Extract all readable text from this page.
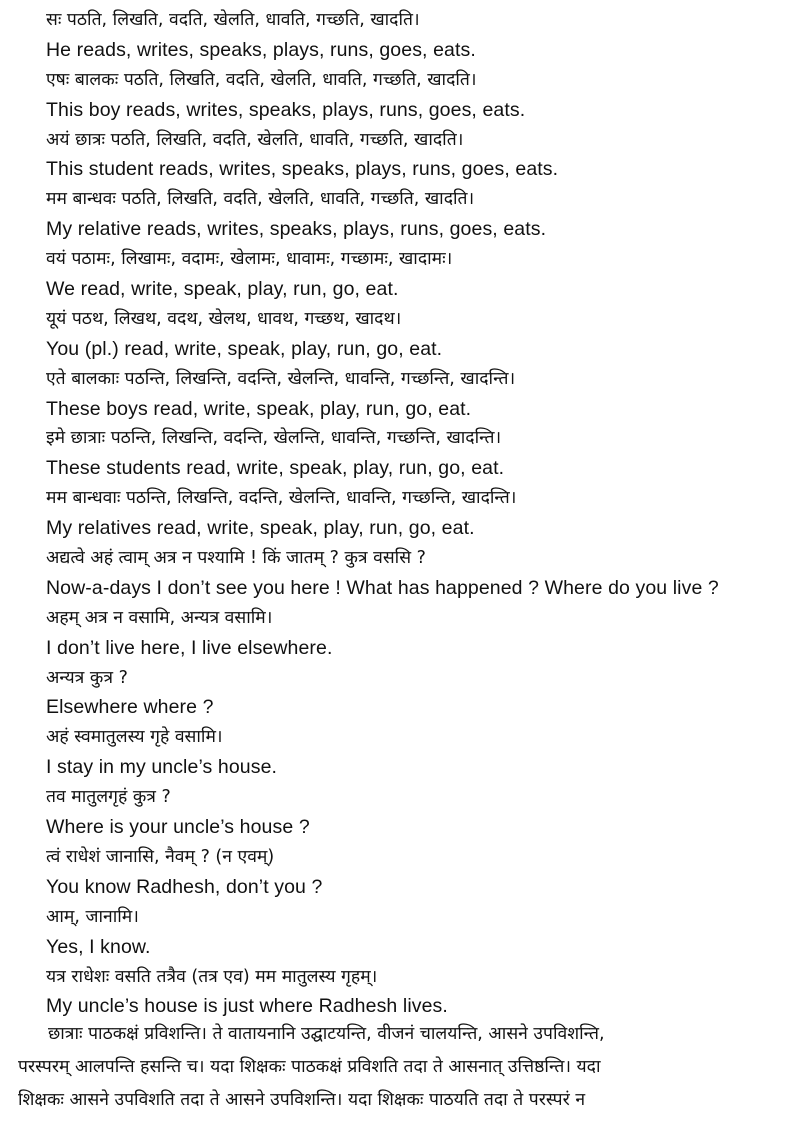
सः पठति, लिखति, वदति, खेलति, धावति, गच्छति, खादति।
He reads, writes, speaks, plays, runs, goes, eats.
एषः बालकः पठति, लिखति, वदति, खेलति, धावति, गच्छति, खादति।
This boy reads, writes, speaks, plays, runs, goes, eats.
अयं छात्रः पठति, लिखति, वदति, खेलति, धावति, गच्छति, खादति।
This student reads, writes, speaks, plays, runs, goes, eats.
मम बान्धवः पठति, लिखति, वदति, खेलति, धावति, गच्छति, खादति।
My relative reads, writes, speaks, plays, runs, goes, eats.
वयं पठामः, लिखामः, वदामः, खेलामः, धावामः, गच्छामः, खादामः।
We read, write, speak, play, run, go, eat.
यूयं पठथ, लिखथ, वदथ, खेलथ, धावथ, गच्छथ, खादथ।
You (pl.) read, write, speak, play, run, go, eat.
एते बालकाः पठन्ति, लिखन्ति, वदन्ति, खेलन्ति, धावन्ति, गच्छन्ति, खादन्ति।
These boys read, write, speak, play, run, go, eat.
इमे छात्राः पठन्ति, लिखन्ति, वदन्ति, खेलन्ति, धावन्ति, गच्छन्ति, खादन्ति।
These students read, write, speak, play, run, go, eat.
मम बान्धवाः पठन्ति, लिखन्ति, वदन्ति, खेलन्ति, धावन्ति, गच्छन्ति, खादन्ति।
My relatives read, write, speak, play, run, go, eat.
अद्यत्वे अहं त्वाम् अत्र न पश्यामि ! किं जातम् ? कुत्र वससि ?
Now-a-days I don’t see you here ! What has happened ? Where do you live ?
अहम् अत्र न वसामि, अन्यत्र वसामि।
I don’t live here, I live elsewhere.
अन्यत्र कुत्र ?
Elsewhere where ?
अहं स्वमातुलस्य गृहे वसामि।
I stay in my uncle’s house.
तव मातुलगृहं कुत्र ?
Where is your uncle’s house ?
त्वं राधेशं जानासि, नैवम् ? (न एवम्)
You know Radhesh, don’t you ?
आम्, जानामि।
Yes, I know.
यत्र राधेशः वसति तत्रैव (तत्र एव) मम मातुलस्य गृहम्।
My uncle’s house is just where Radhesh lives.
छात्राः पाठकक्षं प्रविशन्ति। ते वातायनानि उद्घाटयन्ति, वीजनं चालयन्ति, आसने उपविशन्ति,
परस्परम् आलपन्ति हसन्ति च। यदा शिक्षकः पाठकक्षं प्रविशति तदा ते आसनात् उत्तिष्ठन्ति। यदा
शिक्षकः आसने उपविशति तदा ते आसने उपविशन्ति। यदा शिक्षकः पाठयति तदा ते परस्परं न
